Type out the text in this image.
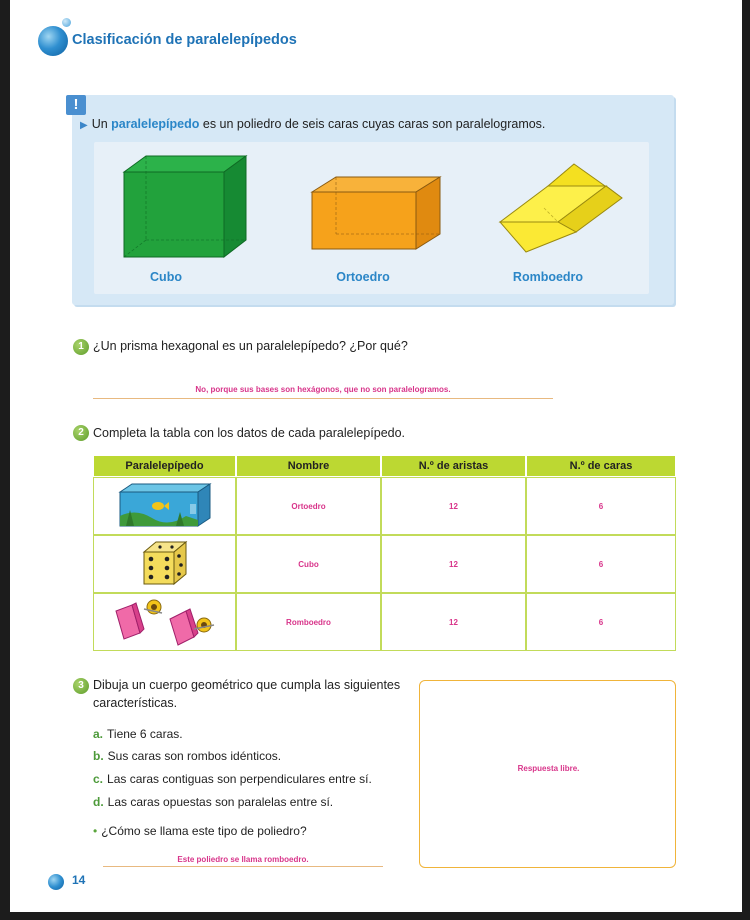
Clasificación de paralelepípedos
!
▶ Un paralelepípedo es un poliedro de seis caras cuyas caras son paralelogramos.
Cubo	Ortoedro	Romboedro
1 ¿Un prisma hexagonal es un paralelepípedo? ¿Por qué?
No, porque sus bases son hexágonos, que no son paralelogramos.
2 Completa la tabla con los datos de cada paralelepípedo.
Paralelepípedo	Nombre	N.º de aristas	N.º de caras
	Ortoedro	12	6
	Cubo	12	6
	Romboedro	12	6
3 Dibuja un cuerpo geométrico que cumpla las siguientes
características.
a. Tiene 6 caras.
b. Sus caras son rombos idénticos.
c. Las caras contiguas son perpendiculares entre sí.
d. Las caras opuestas son paralelas entre sí.
• ¿Cómo se llama este tipo de poliedro?
Este poliedro se llama romboedro.
Respuesta libre.
14
